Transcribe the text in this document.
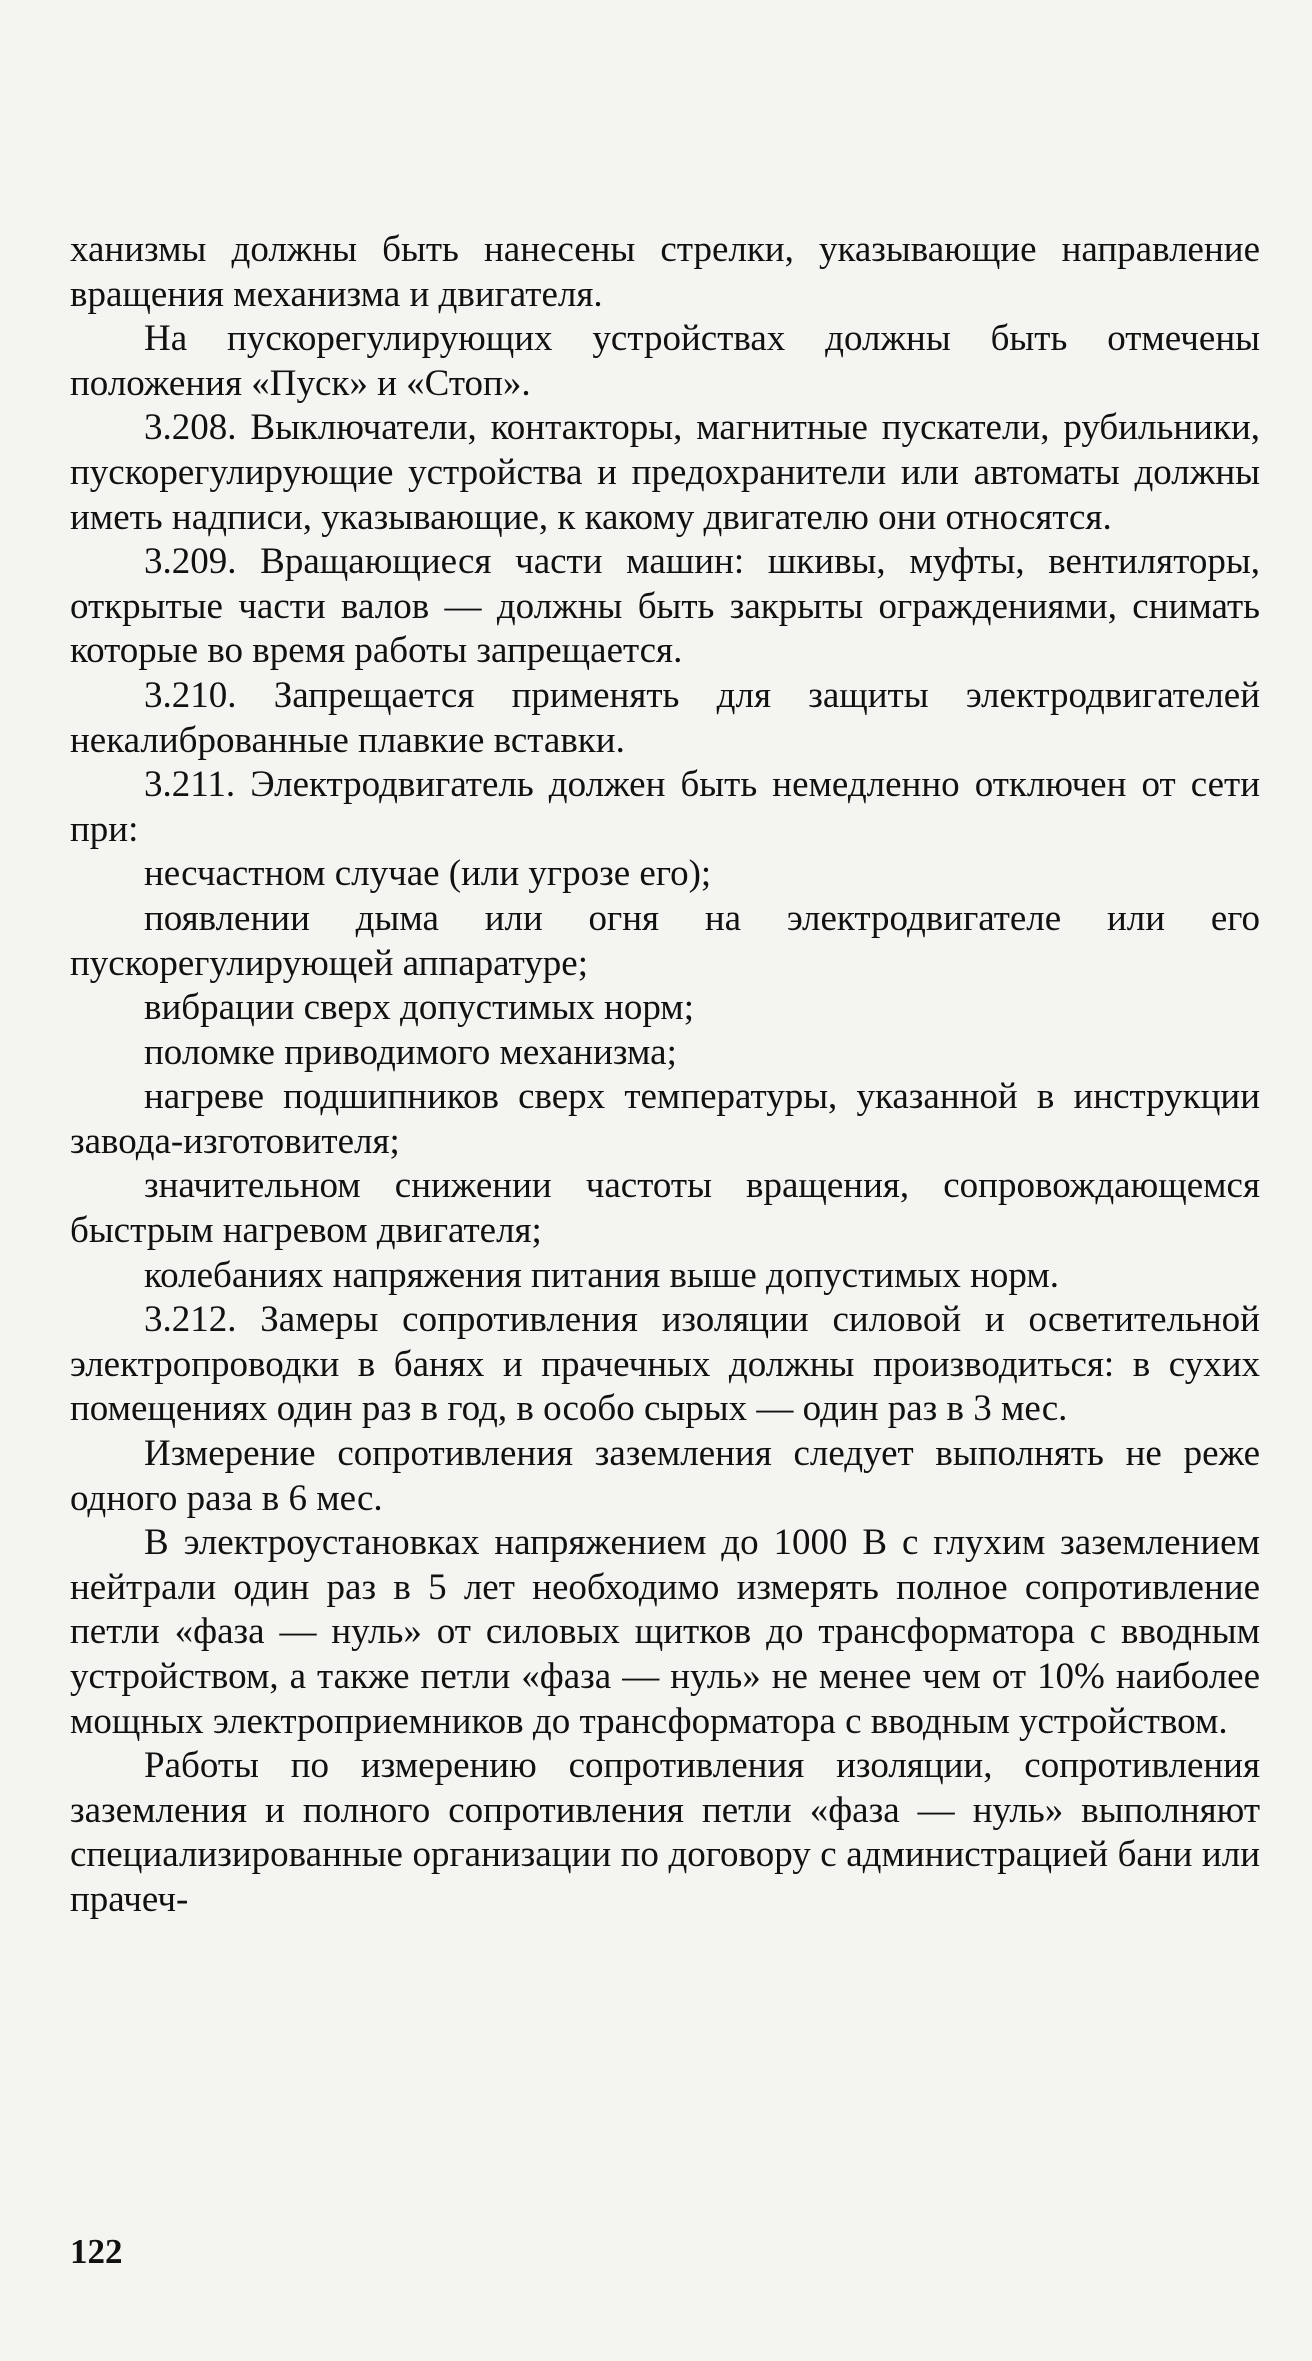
ханизмы должны быть нанесены стрелки, указывающие направление вращения механизма и двигателя.

На пускорегулирующих устройствах должны быть отмечены положения «Пуск» и «Стоп».

3.208. Выключатели, контакторы, магнитные пускатели, рубильники, пускорегулирующие устройства и предохранители или автоматы должны иметь надписи, указывающие, к какому двигателю они относятся.

3.209. Вращающиеся части машин: шкивы, муфты, вентиляторы, открытые части валов — должны быть закрыты ограждениями, снимать которые во время работы запрещается.

3.210. Запрещается применять для защиты электродвигателей некалиброванные плавкие вставки.

3.211. Электродвигатель должен быть немедленно отключен от сети при:

несчастном случае (или угрозе его);
появлении дыма или огня на электродвигателе или его пускорегулирующей аппаратуре;
вибрации сверх допустимых норм;
поломке приводимого механизма;
нагреве подшипников сверх температуры, указанной в инструкции завода-изготовителя;
значительном снижении частоты вращения, сопровождающемся быстрым нагревом двигателя;
колебаниях напряжения питания выше допустимых норм.

3.212. Замеры сопротивления изоляции силовой и осветительной электропроводки в банях и прачечных должны производиться: в сухих помещениях один раз в год, в особо сырых — один раз в 3 мес.

Измерение сопротивления заземления следует выполнять не реже одного раза в 6 мес.

В электроустановках напряжением до 1000 В с глухим заземлением нейтрали один раз в 5 лет необходимо измерять полное сопротивление петли «фаза — нуль» от силовых щитков до трансформатора с вводным устройством, а также петли «фаза — нуль» не менее чем от 10% наиболее мощных электроприемников до трансформатора с вводным устройством.

Работы по измерению сопротивления изоляции, сопротивления заземления и полного сопротивления петли «фаза — нуль» выполняют специализированные организации по договору с администрацией бани или прачеч-

122
